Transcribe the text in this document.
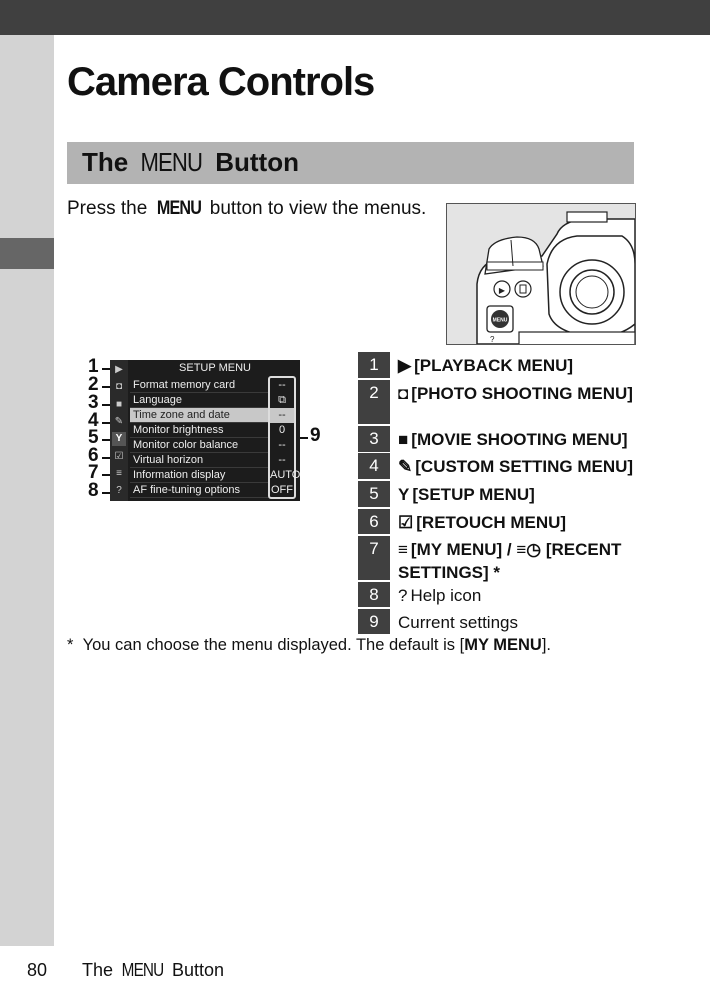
Camera Controls
The MENU Button
Press the MENU button to view the menus.
▶
MENU
?
1
2
3
4
5
6
7
8
9
▶
◘
■
✎
Y
☑
≡
?
SETUP MENU
Format memory card
Language
Time zone and date
Monitor brightness
Monitor color balance
Virtual horizon
Information display
AF fine-tuning options
--
⧉
--
0
--
--
AUTO
OFF
1	▶ [PLAYBACK MENU]
2	◘ [PHOTO SHOOTING MENU]
3	■ [MOVIE SHOOTING MENU]
4	✎ [CUSTOM SETTING MENU]
5	Y [SETUP MENU]
6	☑ [RETOUCH MENU]
7	≡ [MY MENU] / ≡◷ [RECENT SETTINGS] *
8	? Help icon
9	Current settings
* You can choose the menu displayed. The default is [MY MENU].
80 The MENU Button
